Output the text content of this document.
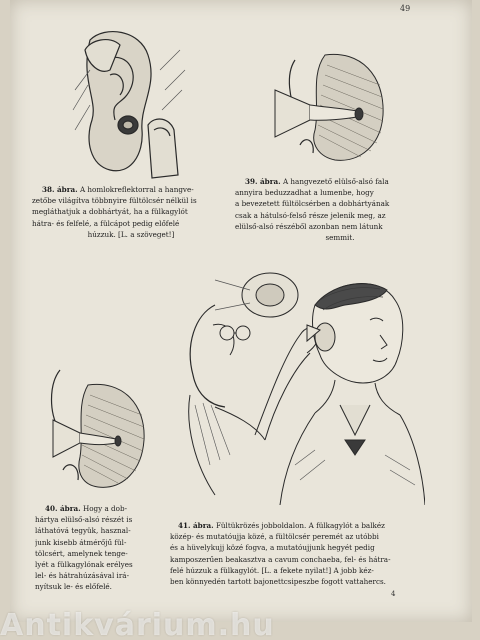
49
38. ábra. A homlokreflektorral a hangve-
zetőbe világítva többnyire fültölcsér nélkül is
megláthatjuk a dobhártyát, ha a fülkagylót
hátra- és felfelé, a fülcápot pedig előfelé
húzzuk. [L. a szöveget!]
39. ábra. A hangvezető elülső-alsó fala
annyira beduzzadhat a lumenbe, hogy
a bevezetett fültölcsérben a dobhártyának
csak a hátulsó-felső része jelenik meg, az
elülső-alsó részéből azonban nem látunk
semmit.
40. ábra. Hogy a dob-
hártya elülső-alsó részét is
láthatóvá tegyük, hasznal-
junk kisebb átmérőjű fül-
tölcsért, amelynek tenge-
lyét a fülkagylónak erélyes
lel- és hátrahúzásával irá-
nyítsuk le- és előfelé.
41. ábra. Fültükrözés jobboldalon. A fülkagylót a balkéz
közép- és mutatóujja közé, a fültölcsér peremét az utóbbi
és a hüvelykujj közé fogva, a mutatóujjunk hegyét pedig
kamposzerűen beakasztva a cavum conchaeba, fel- és hátra-
felé húzzuk a fülkagylót. [L. a fekete nyilat!] A jobb kéz-
ben könnyedén tartott bajonettcsipeszbe fogott vattahercs.
4
Antikvárium.hu
